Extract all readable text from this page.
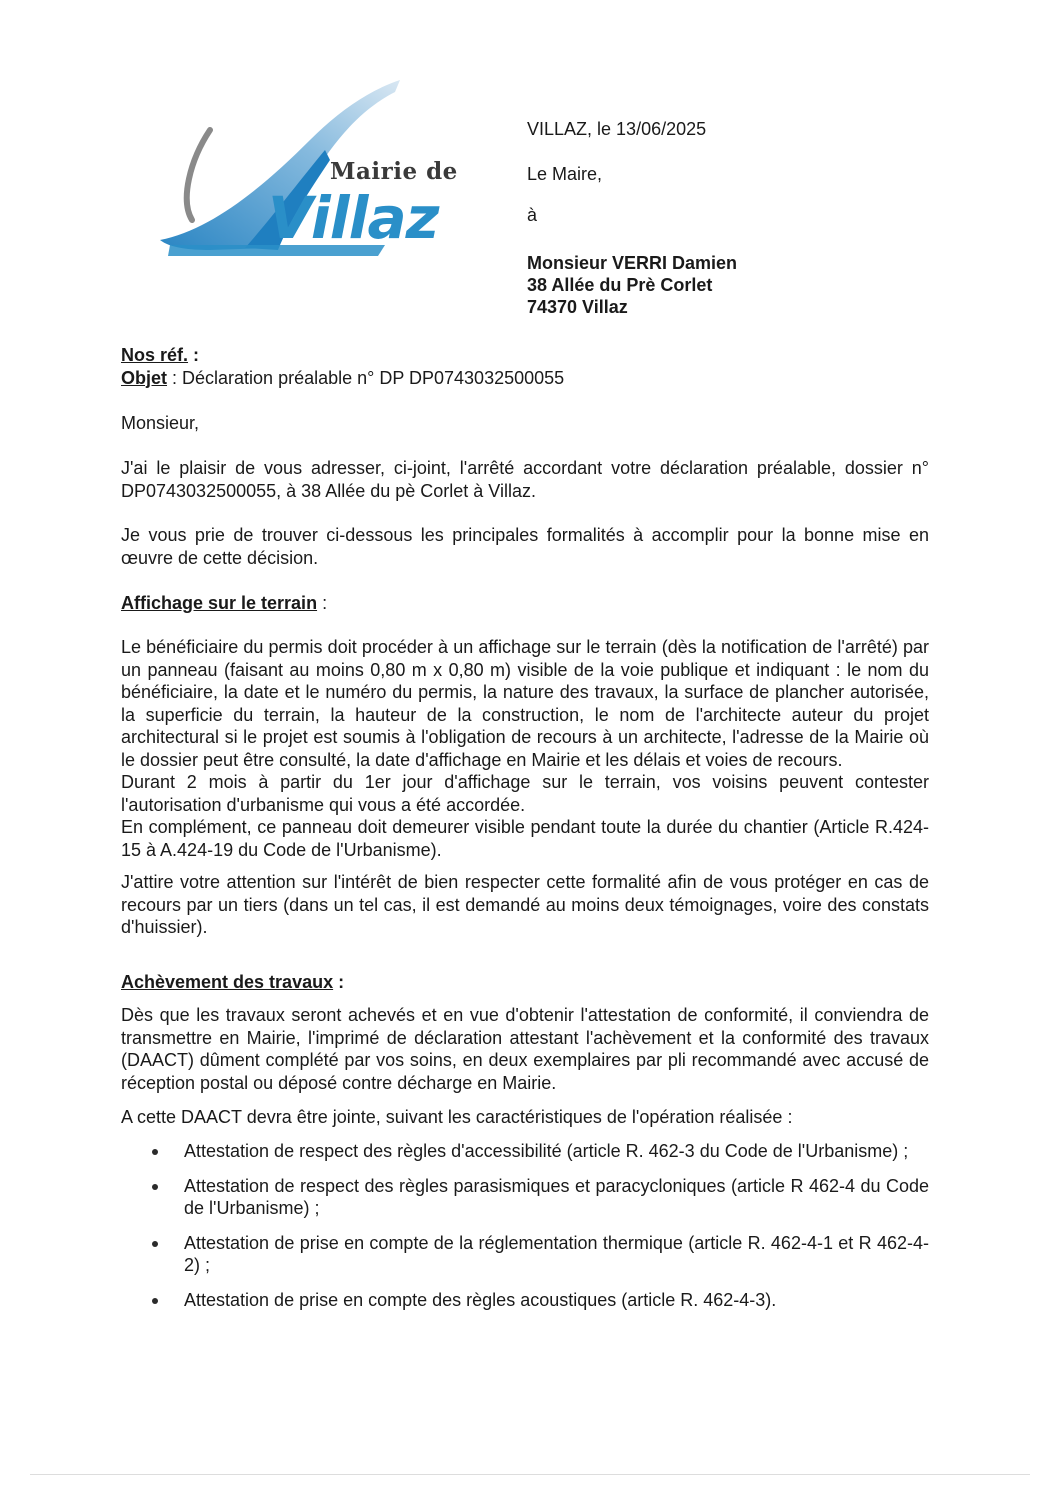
Mairie de
Villaz
VILLAZ, le 13/06/2025
Le Maire,
à
Monsieur VERRI Damien
38 Allée du Prè Corlet
74370 Villaz

Nos réf. :

Objet : Déclaration préalable n° DP DP0743032500055

Monsieur,
J'ai le plaisir de vous adresser, ci-joint, l'arrêté accordant votre déclaration préalable, dossier n° DP0743032500055, à 38 Allée du pè Corlet à Villaz.
Je vous prie de trouver ci-dessous les principales formalités à accomplir pour la bonne mise en œuvre de cette décision.
Affichage sur le terrain :

Le bénéficiaire du permis doit procéder à un affichage sur le terrain (dès la notification de l'arrêté) par un panneau (faisant au moins 0,80 m x 0,80 m) visible de la voie publique et indiquant : le nom du bénéficiaire, la date et le numéro du permis, la nature des travaux, la surface de plancher autorisée, la superficie du terrain, la hauteur de la construction, le nom de l'architecte auteur du projet architectural si le projet est soumis à l'obligation de recours à un architecte, l'adresse de la Mairie où le dossier peut être consulté, la date d'affichage en Mairie et les délais et voies de recours.

Durant 2 mois à partir du 1er jour d'affichage sur le terrain, vos voisins peuvent contester l'autorisation d'urbanisme qui vous a été accordée.

En complément, ce panneau doit demeurer visible pendant toute la durée du chantier (Article R.424-15 à A.424-19 du Code de l'Urbanisme).

J'attire votre attention sur l'intérêt de bien respecter cette formalité afin de vous protéger en cas de recours par un tiers (dans un tel cas, il est demandé au moins deux témoignages, voire des constats d'huissier).

Achèvement des travaux :
Dès que les travaux seront achevés et en vue d'obtenir l'attestation de conformité, il conviendra de transmettre en Mairie, l'imprimé de déclaration attestant l'achèvement et la conformité des travaux (DAACT) dûment complété par vos soins, en deux exemplaires par pli recommandé avec accusé de réception postal ou déposé contre décharge en Mairie.
A cette DAACT devra être jointe, suivant les caractéristiques de l'opération réalisée :
Attestation de respect des règles d'accessibilité (article R. 462-3 du Code de l'Urbanisme) ;
Attestation de respect des règles parasismiques et paracycloniques (article R 462-4 du Code de l'Urbanisme) ;
Attestation de prise en compte de la réglementation thermique (article R. 462-4-1 et R 462-4-2) ;
Attestation de prise en compte des règles acoustiques (article R. 462-4-3).
